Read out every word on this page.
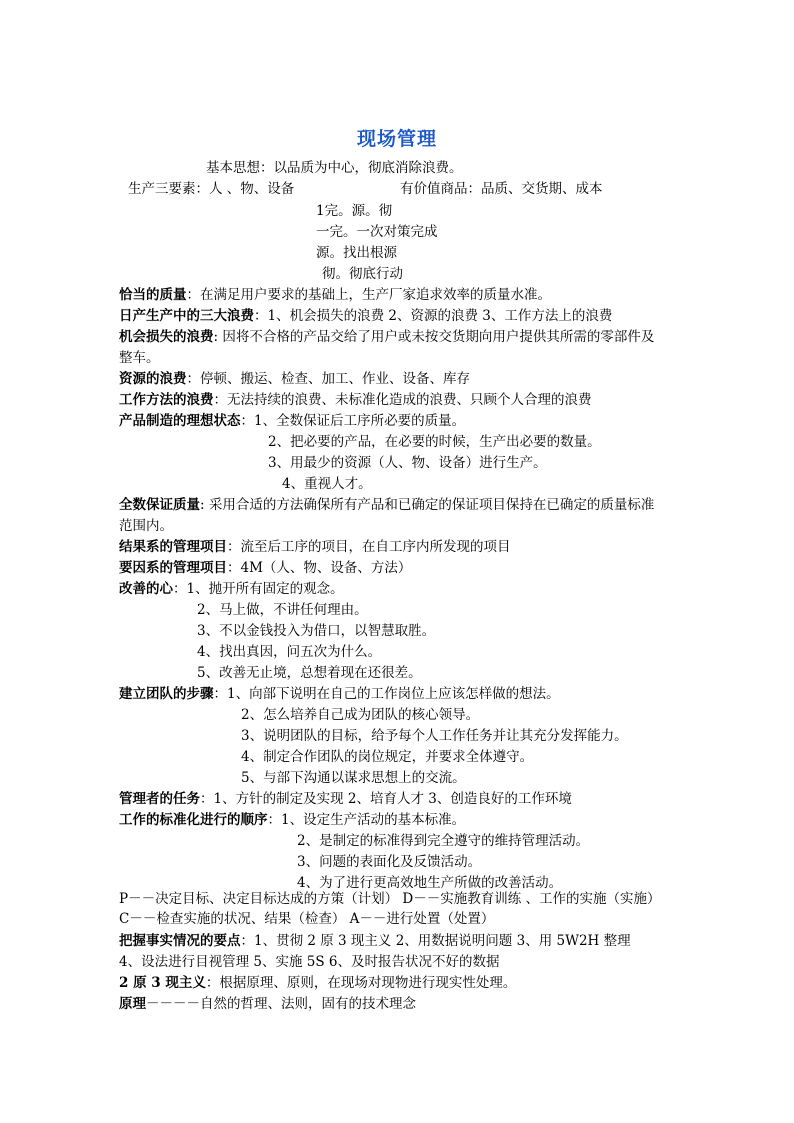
现场管理
基本思想：以品质为中心，彻底消除浪费。
生产三要素：人 、物、设备	有价值商品：品质、交货期、成本
1完。源。彻
一完。一次对策完成
源。找出根源
彻。彻底行动
恰当的质量：在满足用户要求的基础上，生产厂家追求效率的质量水准。
日产生产中的三大浪费：1、机会损失的浪费 2、资源的浪费 3、工作方法上的浪费
机会损失的浪费: 因将不合格的产品交给了用户或未按交货期向用户提供其所需的零部件及
整车。
资源的浪费：停顿、搬运、检查、加工、作业、设备、库存
工作方法的浪费：无法持续的浪费、未标准化造成的浪费、只顾个人合理的浪费
产品制造的理想状态：1、全数保证后工序所必要的质量。
2、把必要的产品，在必要的时候，生产出必要的数量。
3、用最少的资源（人、物、设备）进行生产。
4、重视人才。
全数保证质量: 采用合适的方法确保所有产品和已确定的保证项目保持在已确定的质量标准
范围内。
结果系的管理项目：流至后工序的项目，在自工序内所发现的项目
要因系的管理项目：4M（人、物、设备、方法）
改善的心：1、抛开所有固定的观念。
2、马上做，不讲任何理由。
3、不以金钱投入为借口，以智慧取胜。
4、找出真因，问五次为什么。
5、改善无止境，总想着现在还很差。
建立团队的步骤：1、向部下说明在自己的工作岗位上应该怎样做的想法。
2、怎么培养自己成为团队的核心领导。
3、说明团队的目标，给予每个人工作任务并让其充分发挥能力。
4、制定合作团队的岗位规定，并要求全体遵守。
5、与部下沟通以谋求思想上的交流。
管理者的任务：1、方针的制定及实现 2、培育人才 3、创造良好的工作环境
工作的标准化进行的顺序：1、设定生产活动的基本标准。
2、是制定的标准得到完全遵守的维持管理活动。
3、问题的表面化及反馈活动。
4、为了进行更高效地生产所做的改善活动。
P－－决定目标、决定目标达成的方策（计划） D－－实施教育训练 、工作的实施（实施）
C－－检查实施的状况、结果（检查） A－－进行处置（处置）
把握事实情况的要点：1、贯彻 2 原 3 现主义 2、用数据说明问题 3、用 5W2H 整理
4、设法进行目视管理 5、实施 5S 6、及时报告状况不好的数据
2 原 3 现主义：根据原理、原则，在现场对现物进行现实性处理。
原理－－－－自然的哲理、法则，固有的技术理念
